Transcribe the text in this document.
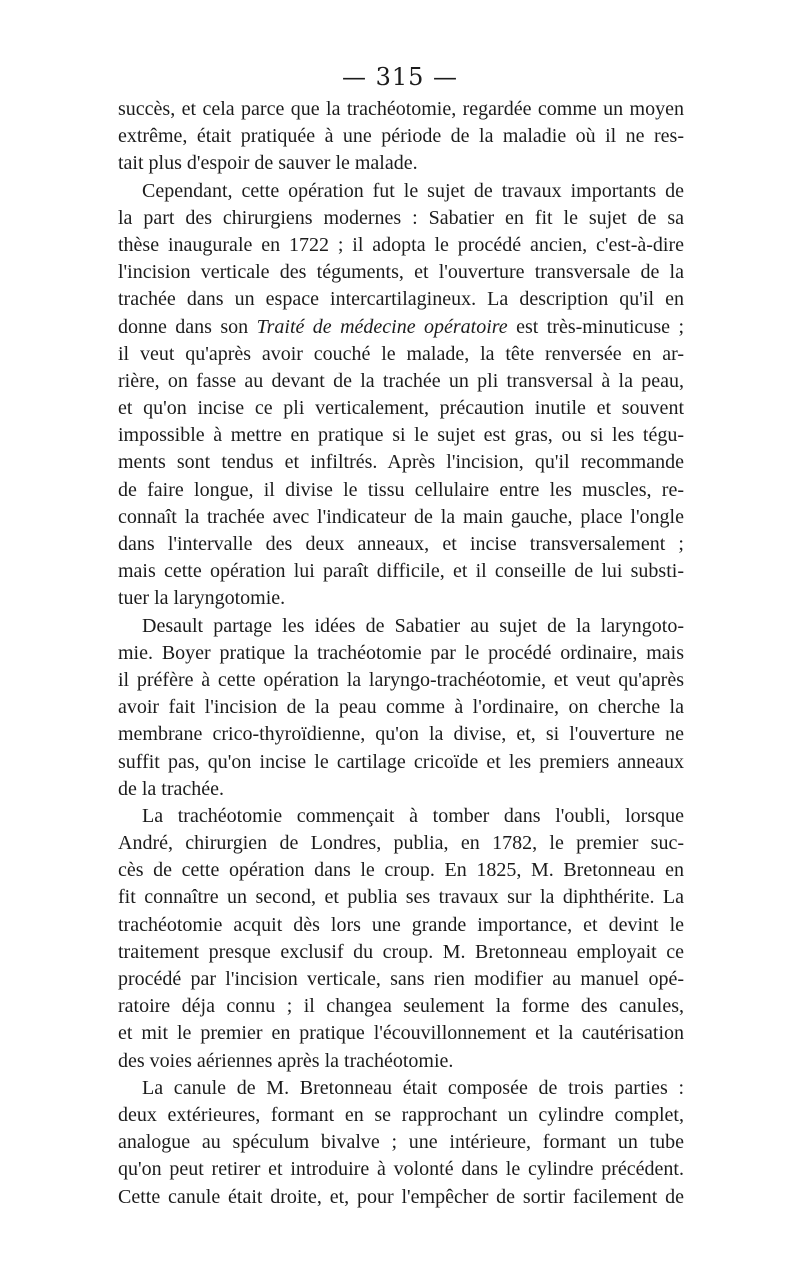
— 315 —
succès, et cela parce que la trachéotomie, regardée comme un moyen
extrême, était pratiquée à une période de la maladie où il ne res-
tait plus d'espoir de sauver le malade.
Cependant, cette opération fut le sujet de travaux importants de
la part des chirurgiens modernes : Sabatier en fit le sujet de sa
thèse inaugurale en 1722 ; il adopta le procédé ancien, c'est-à-dire
l'incision verticale des téguments, et l'ouverture transversale de la
trachée dans un espace intercartilagineux. La description qu'il en
donne dans son Traité de médecine opératoire est très-minuticuse ;
il veut qu'après avoir couché le malade, la tête renversée en ar-
rière, on fasse au devant de la trachée un pli transversal à la peau,
et qu'on incise ce pli verticalement, précaution inutile et souvent
impossible à mettre en pratique si le sujet est gras, ou si les tégu-
ments sont tendus et infiltrés. Après l'incision, qu'il recommande
de faire longue, il divise le tissu cellulaire entre les muscles, re-
connaît la trachée avec l'indicateur de la main gauche, place l'ongle
dans l'intervalle des deux anneaux, et incise transversalement ;
mais cette opération lui paraît difficile, et il conseille de lui substi-
tuer la laryngotomie.
Desault partage les idées de Sabatier au sujet de la laryngoto-
mie. Boyer pratique la trachéotomie par le procédé ordinaire, mais
il préfère à cette opération la laryngo-trachéotomie, et veut qu'après
avoir fait l'incision de la peau comme à l'ordinaire, on cherche la
membrane crico-thyroïdienne, qu'on la divise, et, si l'ouverture ne
suffit pas, qu'on incise le cartilage cricoïde et les premiers anneaux
de la trachée.
La trachéotomie commençait à tomber dans l'oubli, lorsque
André, chirurgien de Londres, publia, en 1782, le premier suc-
cès de cette opération dans le croup. En 1825, M. Bretonneau en
fit connaître un second, et publia ses travaux sur la diphthérite. La
trachéotomie acquit dès lors une grande importance, et devint le
traitement presque exclusif du croup. M. Bretonneau employait ce
procédé par l'incision verticale, sans rien modifier au manuel opé-
ratoire déja connu ; il changea seulement la forme des canules,
et mit le premier en pratique l'écouvillonnement et la cautérisation
des voies aériennes après la trachéotomie.
La canule de M. Bretonneau était composée de trois parties :
deux extérieures, formant en se rapprochant un cylindre complet,
analogue au spéculum bivalve ; une intérieure, formant un tube
qu'on peut retirer et introduire à volonté dans le cylindre précédent.
Cette canule était droite, et, pour l'empêcher de sortir facilement de
